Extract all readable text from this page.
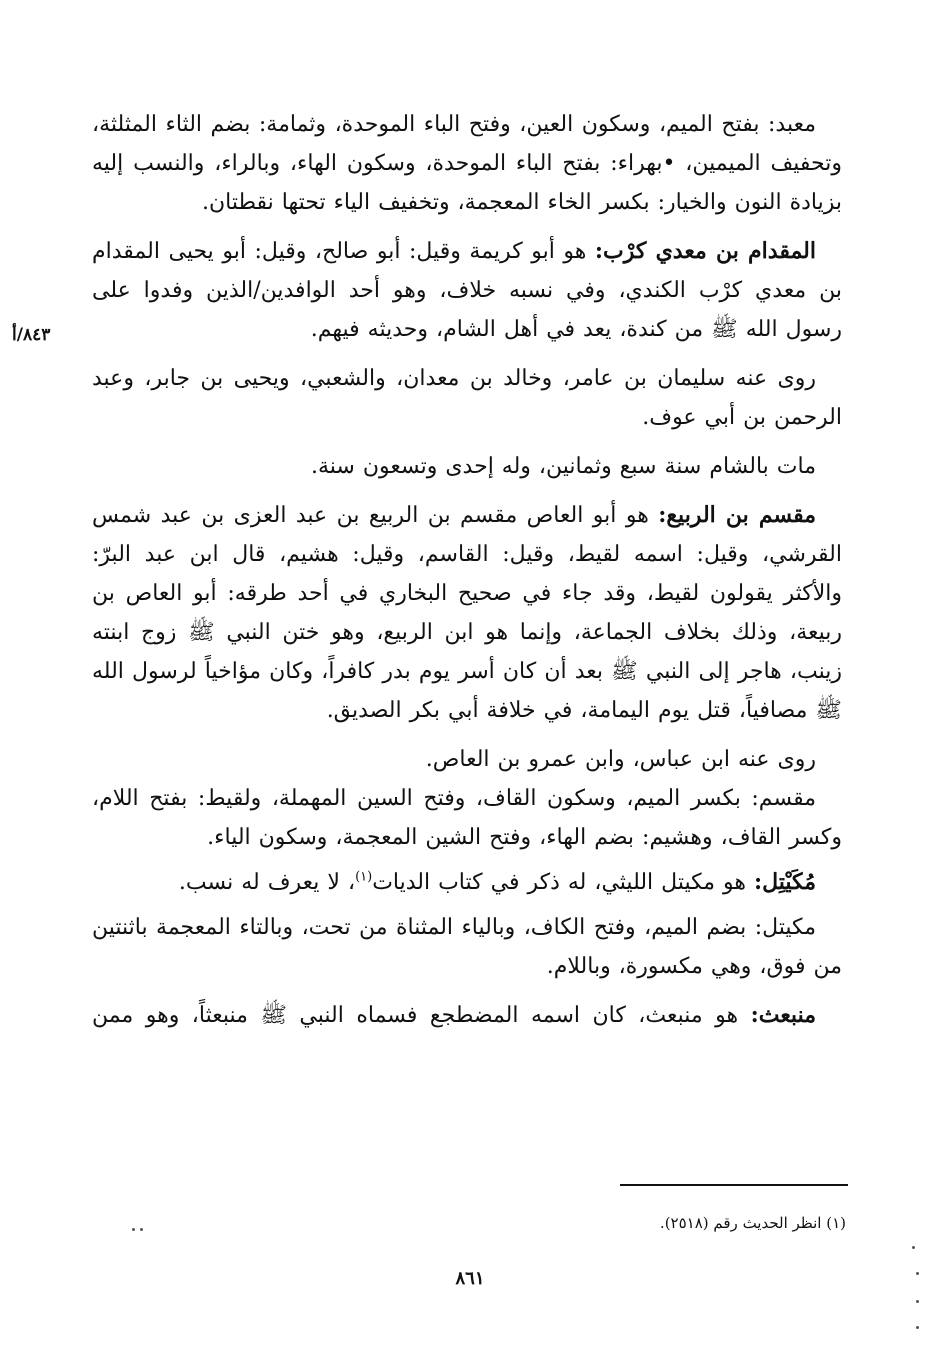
٨٤٣/أ

معبد: بفتح الميم، وسكون العين، وفتح الباء الموحدة، وثمامة: بضم الثاء المثلثة، وتحفيف الميمين، •بهراء: بفتح الباء الموحدة، وسكون الهاء، وبالراء، والنسب إليه بزيادة النون والخيار: بكسر الخاء المعجمة، وتخفيف الياء تحتها نقطتان.

المقدام بن معدي كرْب: هو أبو كريمة وقيل: أبو صالح، وقيل: أبو يحيى المقدام بن معدي كرْب الكندي، وفي نسبه خلاف، وهو أحد الوافدين/الذين وفدوا على رسول الله ﷺ من كندة، يعد في أهل الشام، وحديثه فيهم.

روى عنه سليمان بن عامر، وخالد بن معدان، والشعبي، ويحيى بن جابر، وعبد الرحمن بن أبي عوف.

مات بالشام سنة سبع وثمانين، وله إحدى وتسعون سنة.

مقسم بن الربيع: هو أبو العاص مقسم بن الربيع بن عبد العزى بن عبد شمس القرشي، وقيل: اسمه لقيط، وقيل: القاسم، وقيل: هشيم، قال ابن عبد البرّ: والأكثر يقولون لقيط، وقد جاء في صحيح البخاري في أحد طرقه: أبو العاص بن ربيعة، وذلك بخلاف الجماعة، وإنما هو ابن الربيع، وهو ختن النبي ﷺ زوج ابنته زينب، هاجر إلى النبي ﷺ بعد أن كان أسر يوم بدر كافراً، وكان مؤاخياً لرسول الله ﷺ مصافياً، قتل يوم اليمامة، في خلافة أبي بكر الصديق.

روى عنه ابن عباس، وابن عمرو بن العاص.

مقسم: بكسر الميم، وسكون القاف، وفتح السين المهملة، ولقيط: بفتح اللام، وكسر القاف، وهشيم: بضم الهاء، وفتح الشين المعجمة، وسكون الياء.

مُكَيْتِل: هو مكيتل الليثي، له ذكر في كتاب الديات$^{(١)}$، لا يعرف له نسب.

مكيتل: بضم الميم، وفتح الكاف، وبالياء المثناة من تحت، وبالتاء المعجمة باثنتين من فوق، وهي مكسورة، وباللام.

منبعث: هو منبعث، كان اسمه المضطجع فسماه النبي ﷺ منبعثاً، وهو ممن

(١) انظر الحديث رقم (٢٥١٨).
٨٦١
